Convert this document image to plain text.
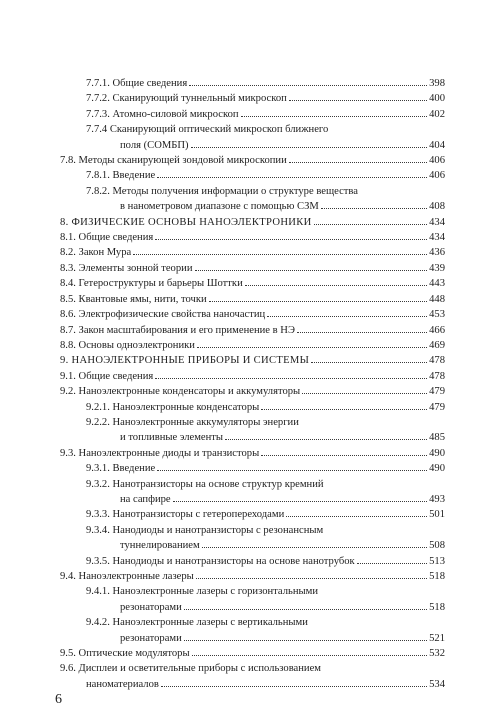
7.7.1. Общие сведения	398
7.7.2. Сканирующий туннельный микроскоп	400
7.7.3. Атомно-силовой микроскоп	402
7.7.4 Сканирующий оптический микроскоп ближнего
поля (СОМБП)	404
7.8. Методы сканирующей зондовой микроскопии	406
7.8.1. Введение	406
7.8.2. Методы получения информации о структуре вещества
в нанометровом диапазоне с помощью СЗМ	408
8. ФИЗИЧЕСКИЕ ОСНОВЫ НАНОЭЛЕКТРОНИКИ	434
8.1. Общие сведения	434
8.2. Закон Мура	436
8.3. Элементы зонной теории	439
8.4. Гетероструктуры и барьеры Шоттки	443
8.5. Квантовые ямы, нити, точки	448
8.6. Электрофизические свойства наночастиц	453
8.7. Закон масштабирования и его применение в НЭ	466
8.8. Основы одноэлектроники	469
9. НАНОЭЛЕКТРОННЫЕ ПРИБОРЫ И СИСТЕМЫ	478
9.1. Общие сведения	478
9.2. Наноэлектронные конденсаторы и аккумуляторы	479
9.2.1. Наноэлектронные конденсаторы	479
9.2.2. Наноэлектронные аккумуляторы энергии
и топливные элементы	485
9.3. Наноэлектронные диоды и транзисторы	490
9.3.1. Введение	490
9.3.2. Нанотранзисторы на основе структур кремний
на сапфире	493
9.3.3. Нанотранзисторы с гетеропереходами	501
9.3.4. Нанодиоды и нанотранзисторы с резонансным
туннелированием	508
9.3.5. Нанодиоды и нанотранзисторы на основе нанотрубок	513
9.4. Наноэлектронные лазеры	518
9.4.1. Наноэлектронные лазеры с горизонтальными
резонаторами	518
9.4.2. Наноэлектронные лазеры с вертикальными
резонаторами	521
9.5. Оптические модуляторы	532
9.6. Дисплеи и осветительные приборы с использованием
наноматериалов	534
6
